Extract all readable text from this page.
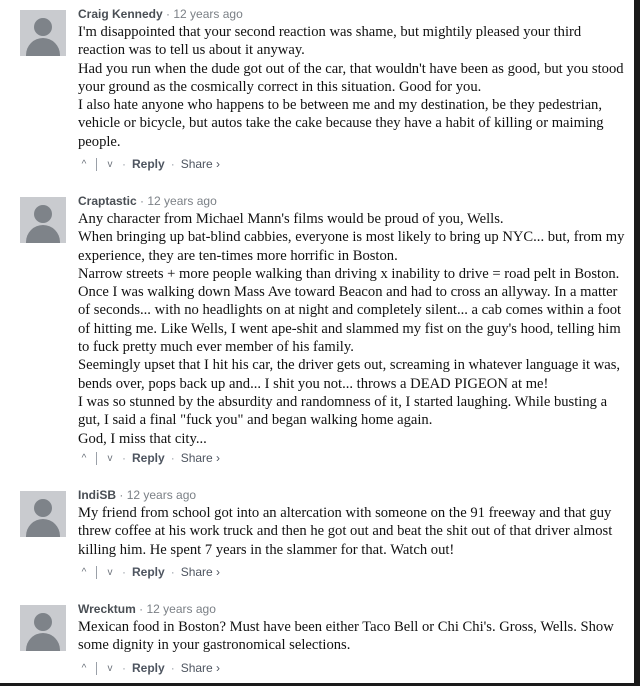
Craig Kennedy · 12 years ago

I'm disappointed that your second reaction was shame, but mightily pleased your third reaction was to tell us about it anyway.

Had you run when the dude got out of the car, that wouldn't have been as good, but you stood your ground as the cosmically correct in this situation. Good for you.

I also hate anyone who happens to be between me and my destination, be they pedestrian, vehicle or bicycle, but autos take the cake because they have a habit of killing or maiming people.

^	v · Reply · Share ›
Craptastic · 12 years ago

Any character from Michael Mann's films would be proud of you, Wells.

When bringing up bat-blind cabbies, everyone is most likely to bring up NYC... but, from my experience, they are ten-times more horrific in Boston.

Narrow streets + more people walking than driving x inability to drive = road pelt in Boston.

Once I was walking down Mass Ave toward Beacon and had to cross an allyway. In a matter of seconds... with no headlights on at night and completely silent... a cab comes within a foot of hitting me. Like Wells, I went ape-shit and slammed my fist on the guy's hood, telling him to fuck pretty much ever member of his family.

Seemingly upset that I hit his car, the driver gets out, screaming in whatever language it was, bends over, pops back up and... I shit you not... throws a DEAD PIGEON at me!

I was so stunned by the absurdity and randomness of it, I started laughing. While busting a gut, I said a final "fuck you" and began walking home again.

God, I miss that city...

^	v · Reply · Share ›
IndiSB · 12 years ago

My friend from school got into an altercation with someone on the 91 freeway and that guy threw coffee at his work truck and then he got out and beat the shit out of that driver almost killing him. He spent 7 years in the slammer for that. Watch out!

^	v · Reply · Share ›
Wrecktum · 12 years ago

Mexican food in Boston? Must have been either Taco Bell or Chi Chi's. Gross, Wells. Show some dignity in your gastronomical selections.

^	v · Reply · Share ›
